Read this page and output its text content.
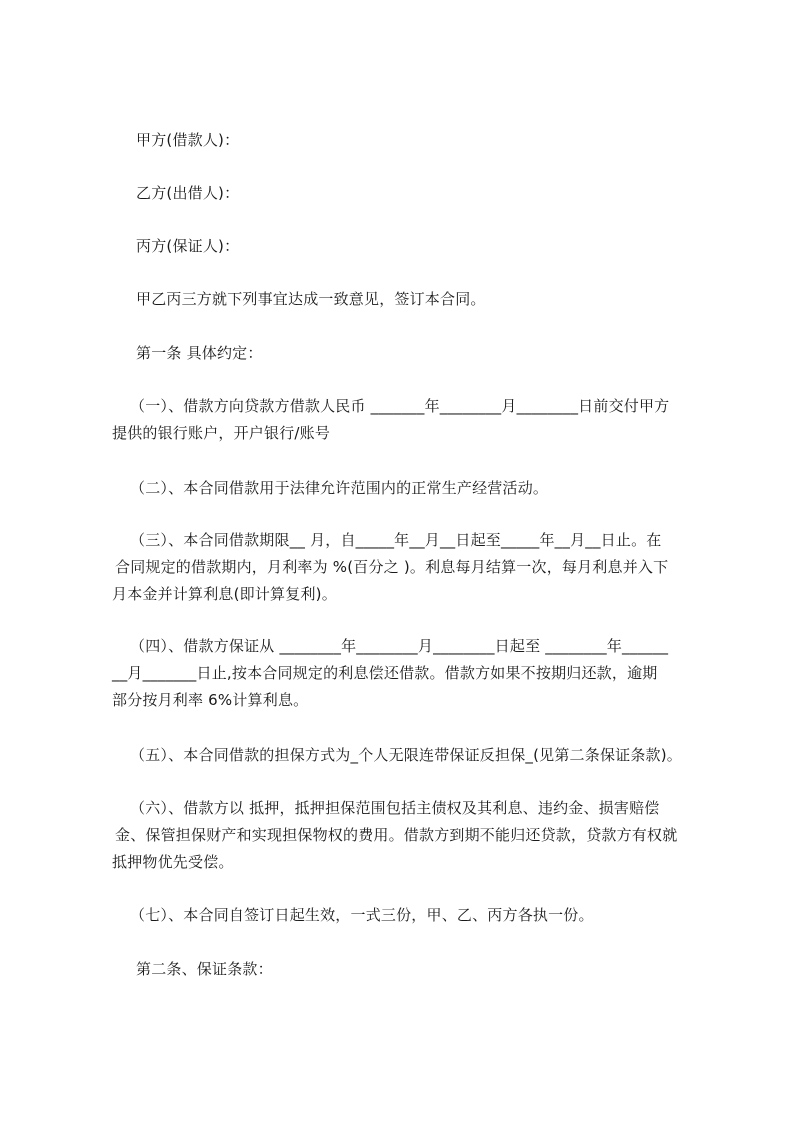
甲方(借款人)：

乙方(出借人)：

丙方(保证人)：

甲乙丙三方就下列事宜达成一致意见，签订本合同。

第一条 具体约定：

（一）、借款方向贷款方借款人民币 _______年________月________日前交付甲方
提供的银行账户，开户银行/账号

（二）、本合同借款用于法律允许范围内的正常生产经营活动。

（三）、本合同借款期限__ 月，自_____年__月__日起至_____年__月__日止。在
合同规定的借款期内，月利率为 %(百分之 )。利息每月结算一次，每月利息并入下
月本金并计算利息(即计算复利)。
（四）、借款方保证从 ________年________月________日起至 ________年______
__月_______日止,按本合同规定的利息偿还借款。借款方如果不按期归还款，逾期
部分按月利率 6%计算利息。

（五）、本合同借款的担保方式为_个人无限连带保证反担保_(见第二条保证条款)。

（六）、借款方以 抵押，抵押担保范围包括主债权及其利息、违约金、损害赔偿
金、保管担保财产和实现担保物权的费用。借款方到期不能归还贷款，贷款方有权就
抵押物优先受偿。

（七）、本合同自签订日起生效，一式三份，甲、乙、丙方各执一份。

第二条、保证条款：
